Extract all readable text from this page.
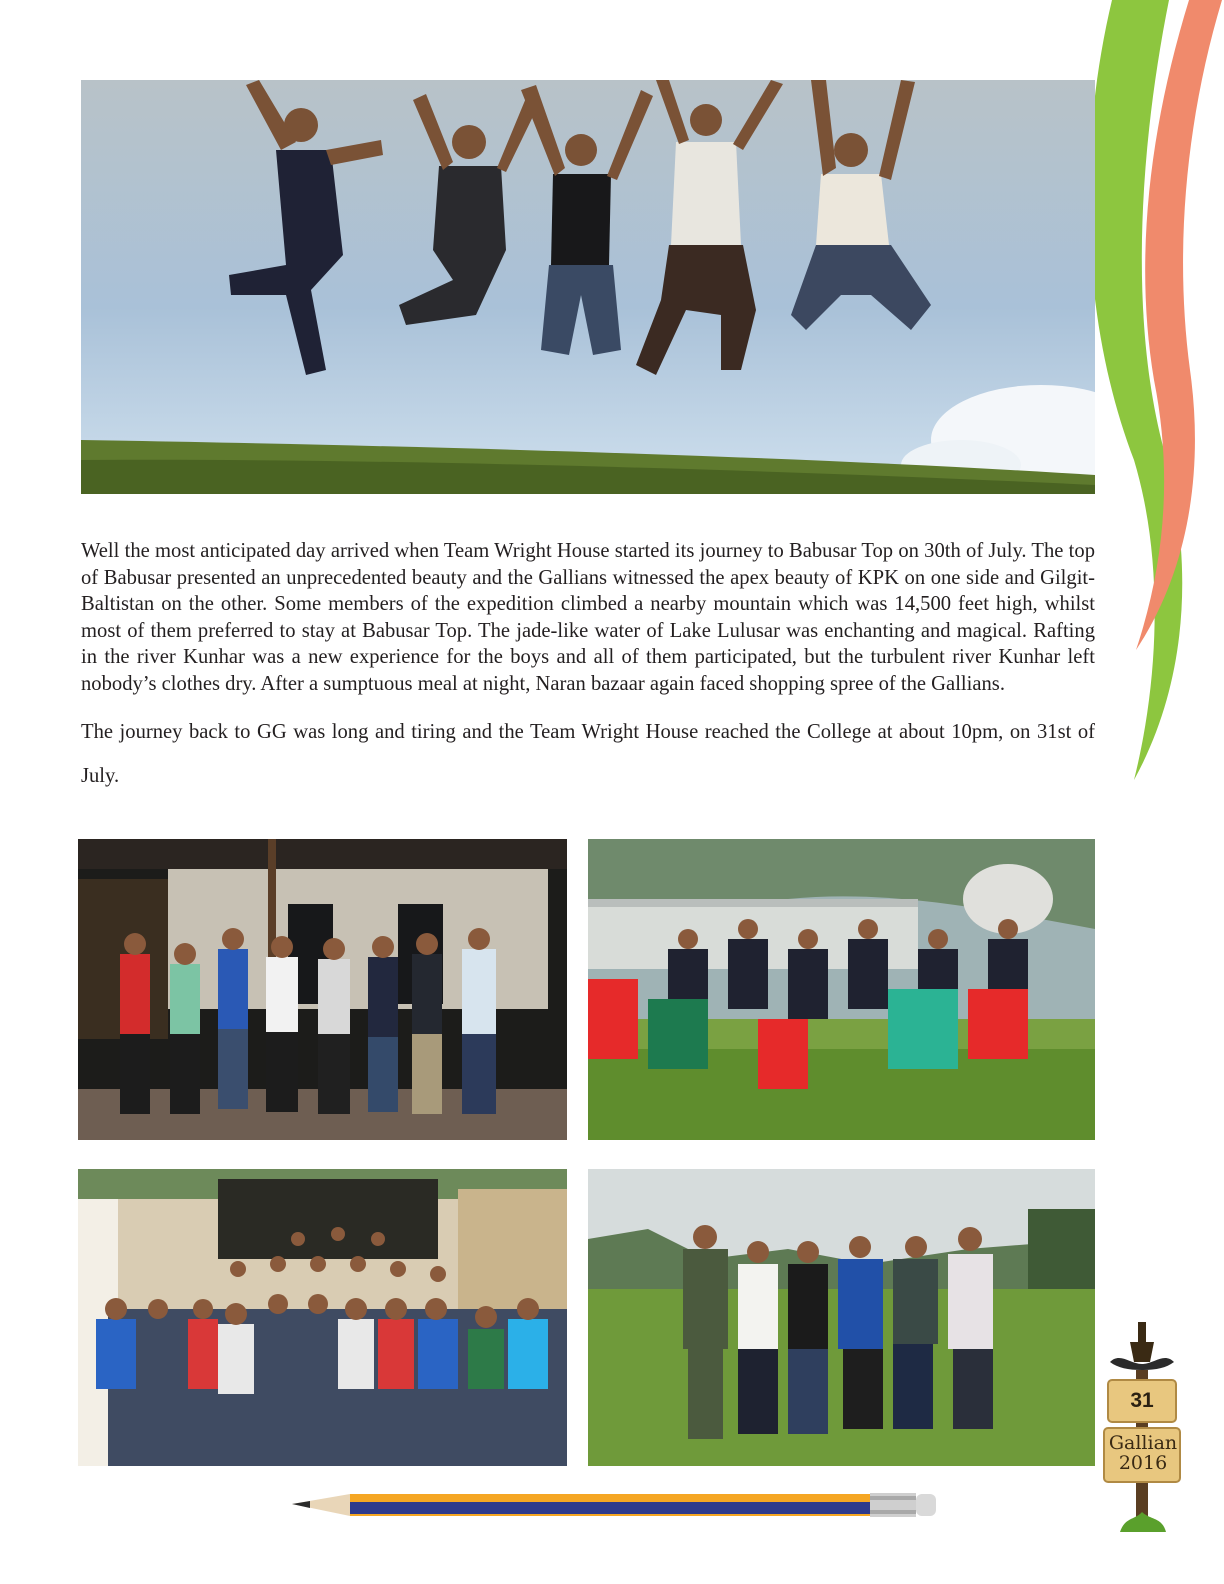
Well the most anticipated day arrived when Team Wright House started its journey to Babusar Top on 30th of July. The top of Babusar presented an unprecedented beauty and the Gallians witnessed the apex beauty of KPK on one side and Gilgit-Baltistan on the other. Some members of the expedition climbed a nearby mountain which was 14,500 feet high, whilst most of them preferred to stay at Babusar Top. The jade-like water of Lake Lulusar was enchanting and magical. Rafting in the river Kunhar was a new experience for the boys and all of them participated, but the turbulent river Kunhar left nobody’s clothes dry. After a sumptuous meal at night, Naran bazaar again faced shopping spree of the Gallians.

The journey back to GG was long and tiring and the Team Wright House reached the College at about 10pm, on 31st of July.

31
Gallian
2016
